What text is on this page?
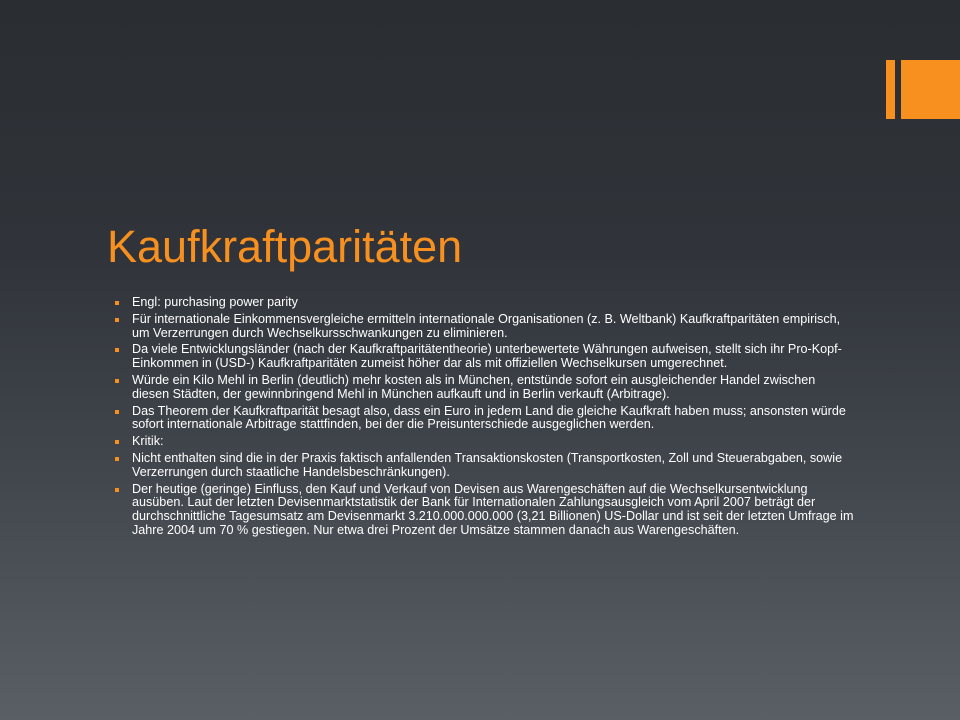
Kaufkraftparitäten
Engl: purchasing power parity
Für internationale Einkommensvergleiche ermitteln internationale Organisationen (z. B. Weltbank) Kaufkraftparitäten empirisch, um Verzerrungen durch Wechselkursschwankungen zu eliminieren.
Da viele Entwicklungsländer (nach der Kaufkraftparitätentheorie) unterbewertete Währungen aufweisen, stellt sich ihr Pro-Kopf-Einkommen in (USD-) Kaufkraftparitäten zumeist höher dar als mit offiziellen Wechselkursen umgerechnet.
Würde ein Kilo Mehl in Berlin (deutlich) mehr kosten als in München, entstünde sofort ein ausgleichender Handel zwischen diesen Städten, der gewinnbringend Mehl in München aufkauft und in Berlin verkauft (Arbitrage).
Das Theorem der Kaufkraftparität besagt also, dass ein Euro in jedem Land die gleiche Kaufkraft haben muss; ansonsten würde sofort internationale Arbitrage stattfinden, bei der die Preisunterschiede ausgeglichen werden.
Kritik:
Nicht enthalten sind die in der Praxis faktisch anfallenden Transaktionskosten (Transportkosten, Zoll und Steuerabgaben, sowie Verzerrungen durch staatliche Handelsbeschränkungen).
Der heutige (geringe) Einfluss, den Kauf und Verkauf von Devisen aus Warengeschäften auf die Wechselkursentwicklung ausüben. Laut der letzten Devisenmarktstatistik der Bank für Internationalen Zahlungsausgleich vom April 2007 beträgt der durchschnittliche Tagesumsatz am Devisenmarkt 3.210.000.000.000 (3,21 Billionen) US-Dollar und ist seit der letzten Umfrage im Jahre 2004 um 70 % gestiegen. Nur etwa drei Prozent der Umsätze stammen danach aus Warengeschäften.
